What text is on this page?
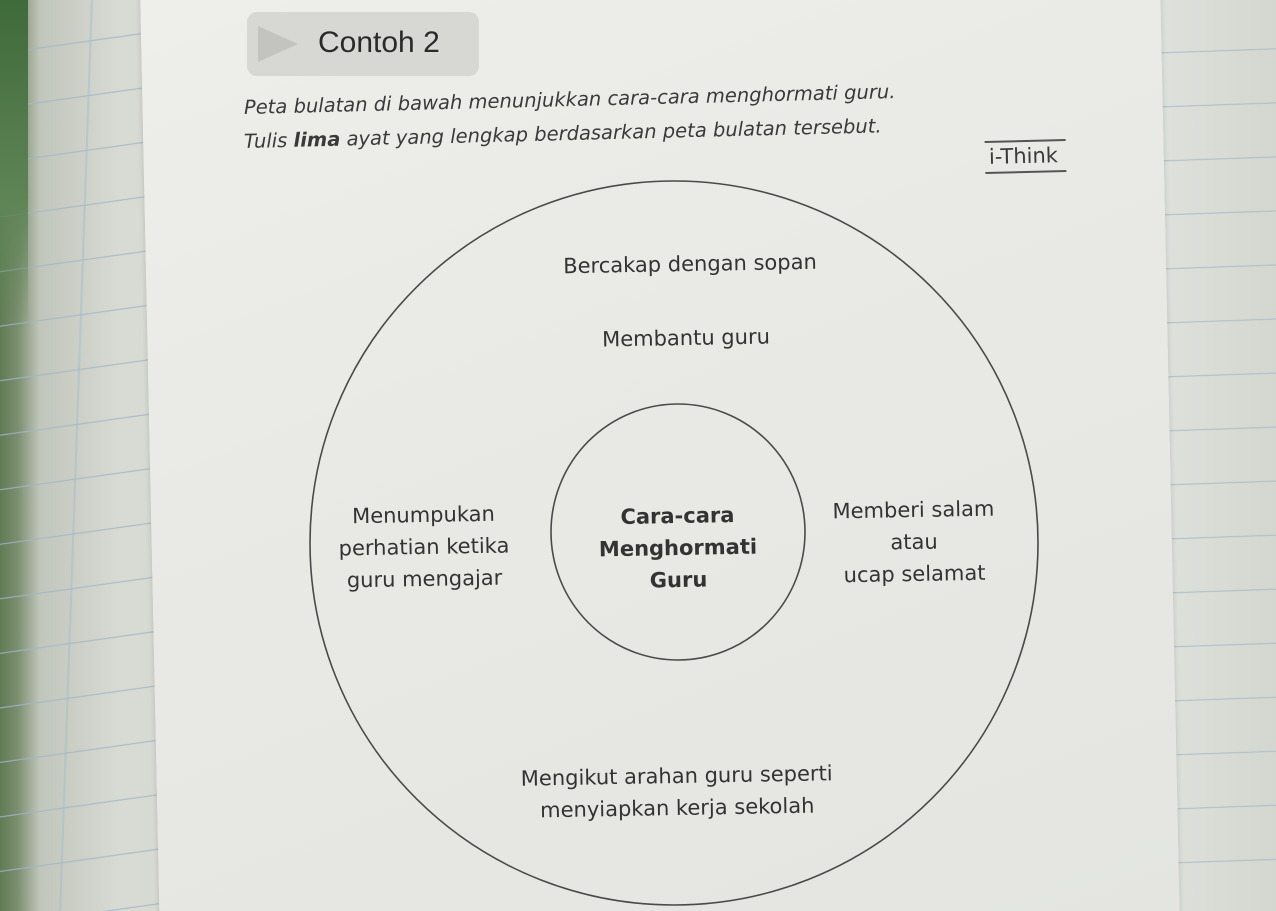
Contoh 2
Peta bulatan di bawah menunjukkan cara-cara menghormati guru.
Tulis lima ayat yang lengkap berdasarkan peta bulatan tersebut.
i-Think
Cara-cara
Menghormati
Guru
Bercakap dengan sopan
Membantu guru
Menumpukan
perhatian ketika
guru mengajar
Memberi salam
atau
ucap selamat
Mengikut arahan guru seperti
menyiapkan kerja sekolah
